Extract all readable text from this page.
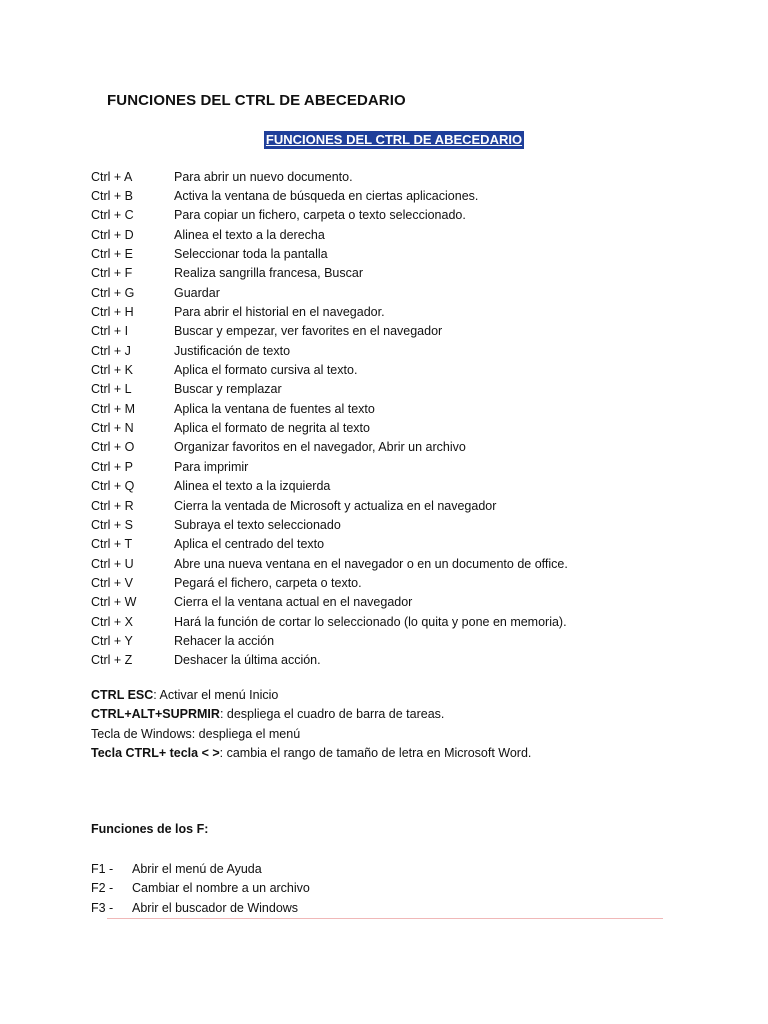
FUNCIONES DEL CTRL DE ABECEDARIO
FUNCIONES DEL CTRL DE ABECEDARIO
Ctrl + A	Para abrir un nuevo documento.
Ctrl + B	Activa la ventana de búsqueda en ciertas aplicaciones.
Ctrl + C	Para copiar un fichero, carpeta o texto seleccionado.
Ctrl + D	Alinea el texto a la derecha
Ctrl + E	Seleccionar toda la pantalla
Ctrl + F	Realiza sangrilla francesa, Buscar
Ctrl + G	Guardar
Ctrl + H	Para abrir el historial en el navegador.
Ctrl + I	Buscar y empezar, ver favorites en el navegador
Ctrl + J	Justificación de texto
Ctrl + K	Aplica el formato cursiva al texto.
Ctrl + L	Buscar y remplazar
Ctrl + M	Aplica la ventana de fuentes al texto
Ctrl + N	Aplica el formato de negrita al texto
Ctrl + O	Organizar favoritos en el navegador, Abrir un archivo
Ctrl + P	Para imprimir
Ctrl + Q	Alinea el texto a la izquierda
Ctrl + R	Cierra la ventada de Microsoft y actualiza en el navegador
Ctrl + S	Subraya el texto seleccionado
Ctrl + T	Aplica el centrado del texto
Ctrl + U	Abre una nueva ventana en el navegador o en un documento de office.
Ctrl + V	Pegará el fichero, carpeta o texto.
Ctrl + W	Cierra el la ventana actual en el navegador
Ctrl + X	Hará la función de cortar lo seleccionado (lo quita y pone en memoria).
Ctrl + Y	Rehacer la acción
Ctrl + Z	Deshacer la última acción.
CTRL ESC : Activar el menú Inicio
CTRL+ALT+SUPRMIR : despliega el cuadro de barra de tareas.
Tecla de Windows: despliega el menú
Tecla CTRL+ tecla < > : cambia el rango de tamaño de letra en Microsoft Word.
Funciones de los F:
F1 -	Abrir el menú de Ayuda
F2 -	Cambiar el nombre a un archivo
F3 -	Abrir el buscador de Windows
